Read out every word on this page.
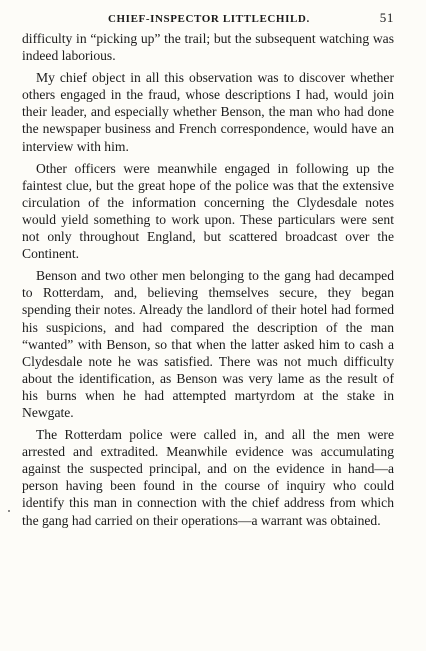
CHIEF-INSPECTOR LITTLECHILD.	51

difficulty in “picking up” the trail; but the subsequent watching was indeed laborious.

My chief object in all this observation was to discover whether others engaged in the fraud, whose descriptions I had, would join their leader, and especially whether Benson, the man who had done the newspaper business and French correspondence, would have an interview with him.

Other officers were meanwhile engaged in following up the faintest clue, but the great hope of the police was that the extensive circulation of the information concerning the Clydesdale notes would yield something to work upon. These particulars were sent not only throughout England, but scattered broadcast over the Continent.

Benson and two other men belonging to the gang had decamped to Rotterdam, and, believing themselves secure, they began spending their notes. Already the landlord of their hotel had formed his suspicions, and had compared the description of the man “wanted” with Benson, so that when the latter asked him to cash a Clydesdale note he was satisfied. There was not much difficulty about the identification, as Benson was very lame as the result of his burns when he had attempted martyrdom at the stake in Newgate.

The Rotterdam police were called in, and all the men were arrested and extradited. Meanwhile evidence was accumulating against the suspected principal, and on the evidence in hand—a person having been found in the course of inquiry who could identify this man in connection with the chief address from which the gang had carried on their operations—a warrant was obtained.
